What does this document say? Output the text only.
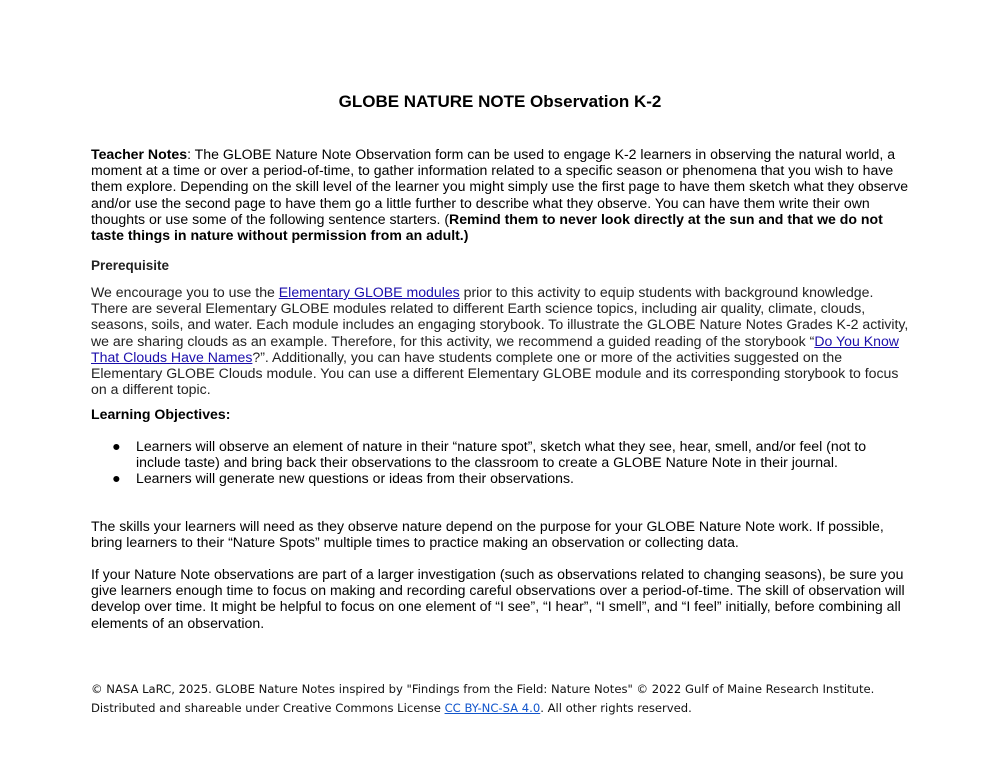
GLOBE NATURE NOTE Observation K-2

Teacher Notes: The GLOBE Nature Note Observation form can be used to engage K-2 learners in observing the natural world, a moment at a time or over a period-of-time, to gather information related to a specific season or phenomena that you wish to have them explore. Depending on the skill level of the learner you might simply use the first page to have them sketch what they observe and/or use the second page to have them go a little further to describe what they observe. You can have them write their own thoughts or use some of the following sentence starters. (Remind them to never look directly at the sun and that we do not taste things in nature without permission from an adult.)

Prerequisite

We encourage you to use the Elementary GLOBE modules prior to this activity to equip students with background knowledge. There are several Elementary GLOBE modules related to different Earth science topics, including air quality, climate, clouds, seasons, soils, and water. Each module includes an engaging storybook. To illustrate the GLOBE Nature Notes Grades K-2 activity, we are sharing clouds as an example. Therefore, for this activity, we recommend a guided reading of the storybook “Do You Know That Clouds Have Names?”. Additionally, you can have students complete one or more of the activities suggested on the Elementary GLOBE Clouds module. You can use a different Elementary GLOBE module and its corresponding storybook to focus on a different topic.

Learning Objectives:
● Learners will observe an element of nature in their “nature spot”, sketch what they see, hear, smell, and/or feel (not to include taste) and bring back their observations to the classroom to create a GLOBE Nature Note in their journal.
● Learners will generate new questions or ideas from their observations.

The skills your learners will need as they observe nature depend on the purpose for your GLOBE Nature Note work. If possible, bring learners to their “Nature Spots” multiple times to practice making an observation or collecting data.

If your Nature Note observations are part of a larger investigation (such as observations related to changing seasons), be sure you give learners enough time to focus on making and recording careful observations over a period-of-time. The skill of observation will develop over time. It might be helpful to focus on one element of “I see”, “I hear”, “I smell”, and “I feel” initially, before combining all elements of an observation.

© NASA LaRC, 2025. GLOBE Nature Notes inspired by "Findings from the Field: Nature Notes" © 2022 Gulf of Maine Research Institute.
Distributed and shareable under Creative Commons License CC BY-NC-SA 4.0. All other rights reserved.
